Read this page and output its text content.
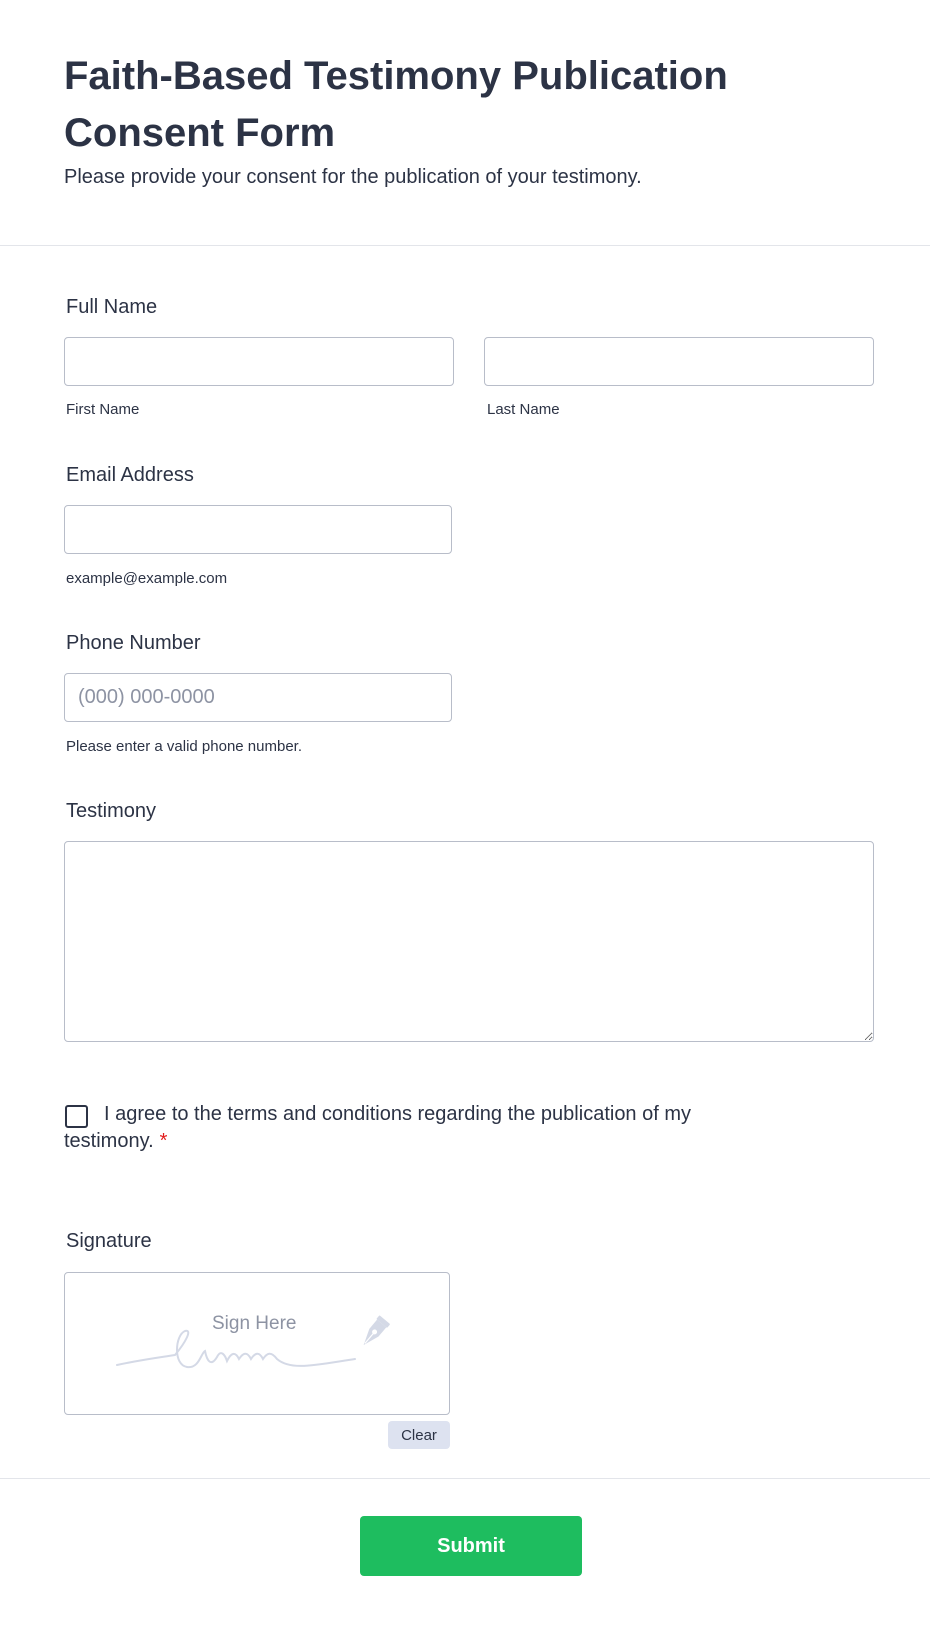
Faith-Based Testimony Publication Consent Form
Please provide your consent for the publication of your testimony.
Full Name
First Name	Last Name
Email Address
example@example.com
Phone Number
(000) 000-0000
Please enter a valid phone number.
Testimony
I agree to the terms and conditions regarding the publication of my testimony. *
Signature
Sign Here
Clear
Submit
